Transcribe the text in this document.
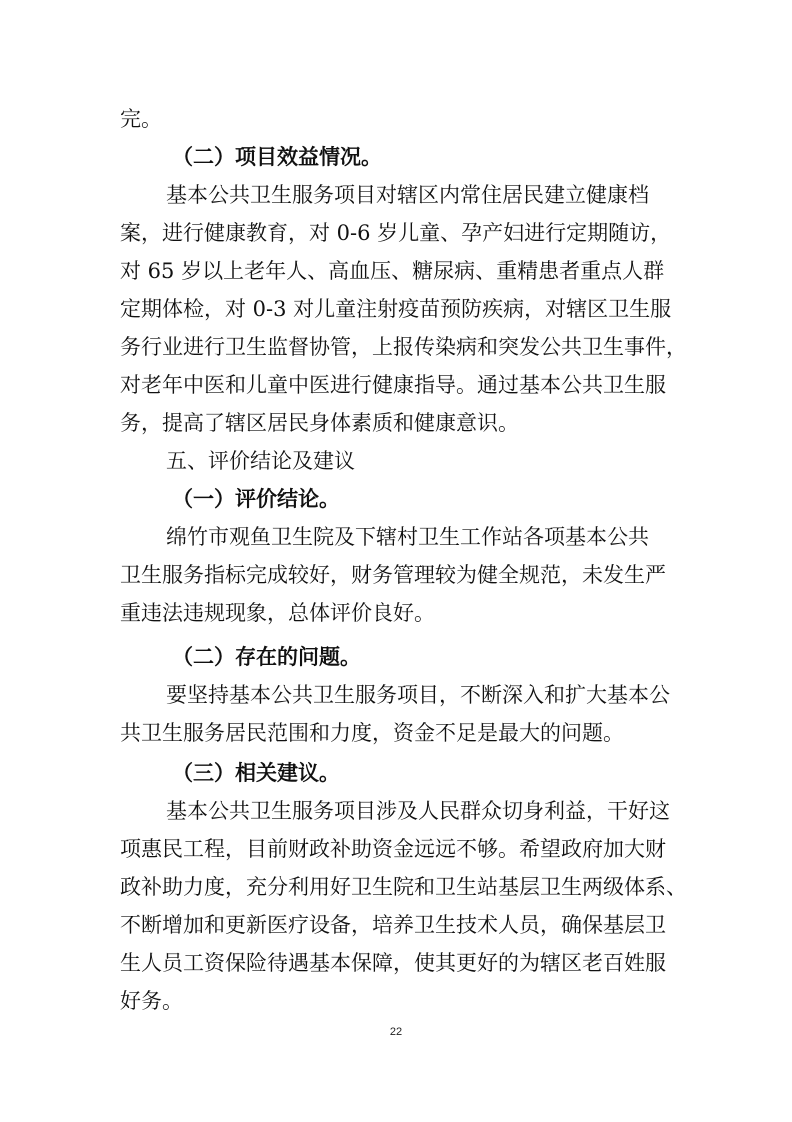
完。
（二）项目效益情况。
基本公共卫生服务项目对辖区内常住居民建立健康档
案，进行健康教育，对 0-6 岁儿童、孕产妇进行定期随访，
对 65 岁以上老年人、高血压、糖尿病、重精患者重点人群
定期体检，对 0-3 对儿童注射疫苗预防疾病，对辖区卫生服
务行业进行卫生监督协管，上报传染病和突发公共卫生事件，
对老年中医和儿童中医进行健康指导。通过基本公共卫生服
务，提高了辖区居民身体素质和健康意识。
五、评价结论及建议
（一）评价结论。
绵竹市观鱼卫生院及下辖村卫生工作站各项基本公共
卫生服务指标完成较好，财务管理较为健全规范，未发生严
重违法违规现象，总体评价良好。
（二）存在的问题。
要坚持基本公共卫生服务项目，不断深入和扩大基本公
共卫生服务居民范围和力度，资金不足是最大的问题。
（三）相关建议。
基本公共卫生服务项目涉及人民群众切身利益，干好这
项惠民工程，目前财政补助资金远远不够。希望政府加大财
政补助力度，充分利用好卫生院和卫生站基层卫生两级体系、
不断增加和更新医疗设备，培养卫生技术人员，确保基层卫
生人员工资保险待遇基本保障，使其更好的为辖区老百姓服
好务。
22
